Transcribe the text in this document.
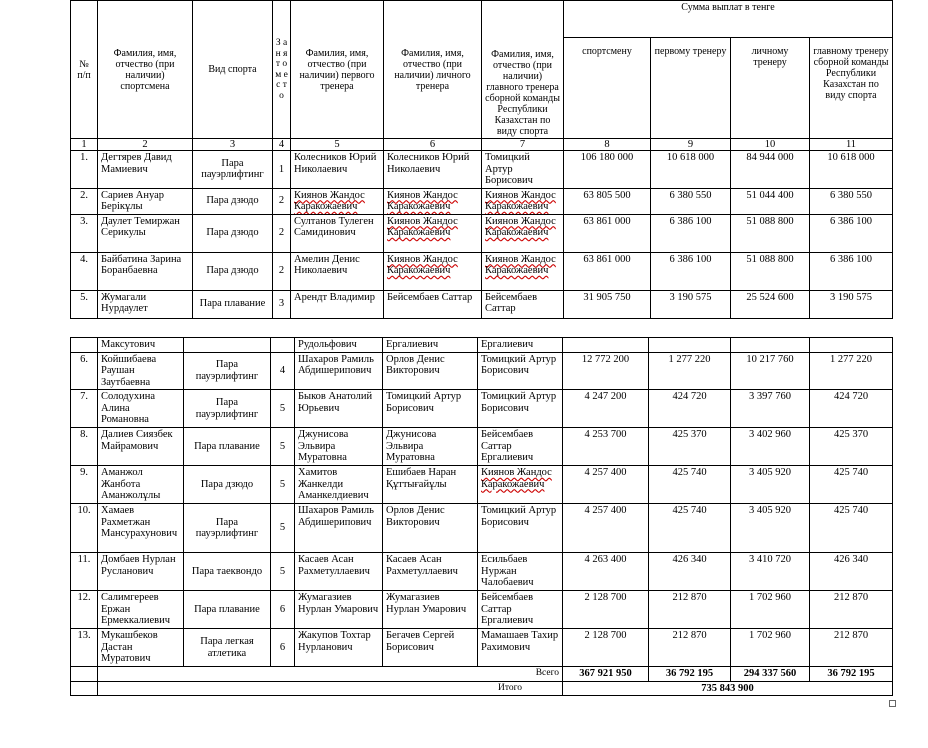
№ п/п	Фамилия, имя, отчество (при наличии) спортсмена	Вид спорта	З а н я т о м е с т о	Фамилия, имя, отчество (при наличии) первого тренера	Фамилия, имя, отчество (при наличии) личного тренера	Фамилия, имя, отчество (при наличии) главного тренера сборной команды Республики Казахстан по виду спорта	Сумма выплат в тенге			
							спортсмену	первому тренеру	личному тренеру	главному тренеру сборной команды Республики Казахстан по виду спорта
1	2	3	4	5	6	7	8	9	10	11
1.	Дегтярев Давид Мамиевич	Пара пауэрлифтинг	1	Колесников Юрий Николаевич	Колесников Юрий Николаевич	Томицкий Артур Борисович	106 180 000	10 618 000	84 944 000	10 618 000
2.	Сариев Ануар Берікұлы	Пара дзюдо	2	Киянов Жандос Каракожаевич	Киянов Жандос Каракожаевич	Киянов Жандос Каракожаевич	63 805 500	6 380 550	51 044 400	6 380 550
3.	Даулет Темиржан Серикулы	Пара дзюдо	2	Султанов Тулеген Самидинович	Киянов Жандос Каракожаевич	Киянов Жандос Каракожаевич	63 861 000	6 386 100	51 088 800	6 386 100
4.	Байбатина Зарина Боранбаевна	Пара дзюдо	2	Амелин Денис Николаевич	Киянов Жандос Каракожаевич	Киянов Жандос Каракожаевич	63 861 000	6 386 100	51 088 800	6 386 100
5.	Жумагали Нурдаулет	Пара плавание	3	Арендт Владимир	Бейсембаев Саттар	Бейсембаев Саттар	31 905 750	3 190 575	25 524 600	3 190 575
	Максутович			Рудольфович	Ергалиевич	Ергалиевич				
6.	Койшибаева Раушан Заутбаевна	Пара пауэрлифтинг	4	Шахаров Рамиль Абдишерипович	Орлов Денис Викторович	Томицкий Артур Борисович	12 772 200	1 277 220	10 217 760	1 277 220
7.	Солодухина Алина Романовна	Пара пауэрлифтинг	5	Быков Анатолий Юрьевич	Томицкий Артур Борисович	Томицкий Артур Борисович	4 247 200	424 720	3 397 760	424 720
8.	Далиев Сиязбек Майрамович	Пара плавание	5	Джунисова Эльвира Муратовна	Джунисова Эльвира Муратовна	Бейсембаев Саттар Ергалиевич	4 253 700	425 370	3 402 960	425 370
9.	Аманжол Жанбота Аманжолұлы	Пара дзюдо	5	Хамитов Жанкелди Аманкелдиевич	Ешибаев Наран Құттығайұлы	Киянов Жандос Каракожаевич	4 257 400	425 740	3 405 920	425 740
10.	Хамаев Рахметжан Мансурахунович	Пара пауэрлифтинг	5	Шахаров Рамиль Абдишерипович	Орлов Денис Викторович	Томицкий Артур Борисович	4 257 400	425 740	3 405 920	425 740
11.	Домбаев Нурлан Русланович	Пара таеквондо	5	Касаев Асан Рахметуллаевич	Касаев Асан Рахметуллаевич	Есильбаев Нуржан Чалобаевич	4 263 400	426 340	3 410 720	426 340
12.	Салимгереев Ержан Ермеккалиевич	Пара плавание	6	Жумагазиев Нурлан Умарович	Жумагазиев Нурлан Умарович	Бейсембаев Саттар Ергалиевич	2 128 700	212 870	1 702 960	212 870
13.	Мукашбеков Дастан Муратович	Пара легкая атлетика	6	Жакупов Тохтар Нурланович	Бегачев Сергей Борисович	Мамашаев Тахир Рахимович	2 128 700	212 870	1 702 960	212 870
	Всего						367 921 950	36 792 195	294 337 560	36 792 195
	Итого						735 843 900			
